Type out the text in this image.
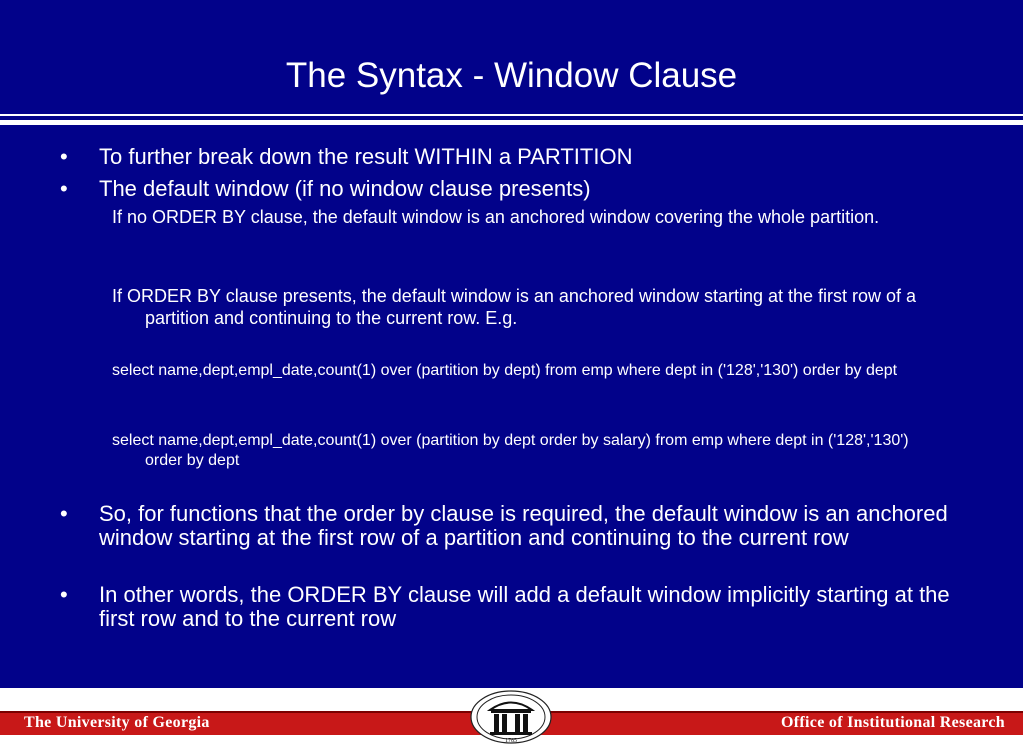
The Syntax - Window Clause
• To further break down the result WITHIN a PARTITION
• The default window (if no window clause presents)
If no ORDER BY clause, the default window is an anchored window covering the whole partition.
If ORDER BY clause presents, the default window is an anchored window starting at the first row of a partition and continuing to the current row. E.g.
select name,dept,empl_date,count(1) over (partition by dept) from emp where dept in ('128','130') order by dept
select name,dept,empl_date,count(1) over (partition by dept order by salary) from emp where dept in ('128','130') order by dept
• So, for functions that the order by clause is required, the default window is an anchored window starting at the first row of a partition and continuing to the current row
• In other words, the ORDER BY clause will add a default window implicitly starting at the first row and to the current row
The University of Georgia	Office of Institutional Research
1785
